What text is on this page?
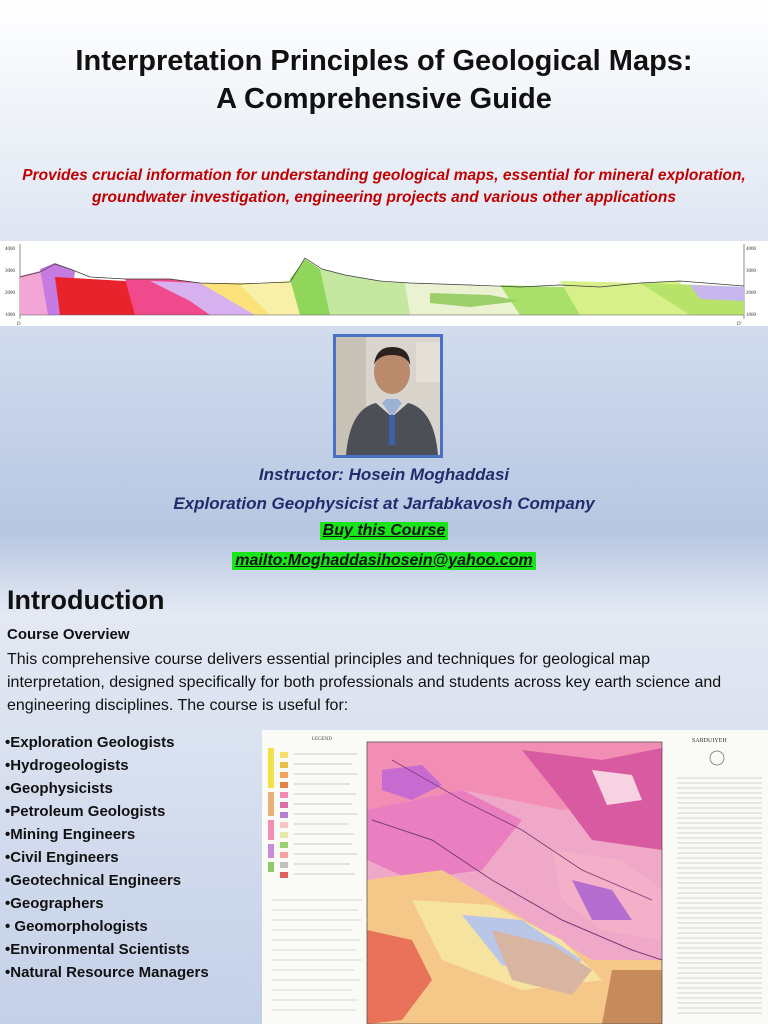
Interpretation Principles of Geological Maps:
A Comprehensive Guide
Provides crucial information for understanding geological maps, essential for mineral exploration, groundwater investigation, engineering projects and various other applications
4000
3000
2000
1000
4000
3000
2000
1000
D	D'
Instructor: Hosein Moghaddasi
Exploration Geophysicist at Jarfabkavosh Company
Buy this Course
mailto:Moghaddasihosein@yahoo.com
Introduction
Course Overview
This comprehensive course delivers essential principles and techniques for geological map interpretation, designed specifically for both professionals and students across key earth science and engineering disciplines. The course is useful for:
•Exploration Geologists
•Hydrogeologists
•Geophysicists
•Petroleum Geologists
•Mining Engineers
•Civil Engineers
•Geotechnical Engineers
•Geographers
• Geomorphologists
•Environmental Scientists
•Natural Resource Managers
LEGEND	SARDUIYEH
